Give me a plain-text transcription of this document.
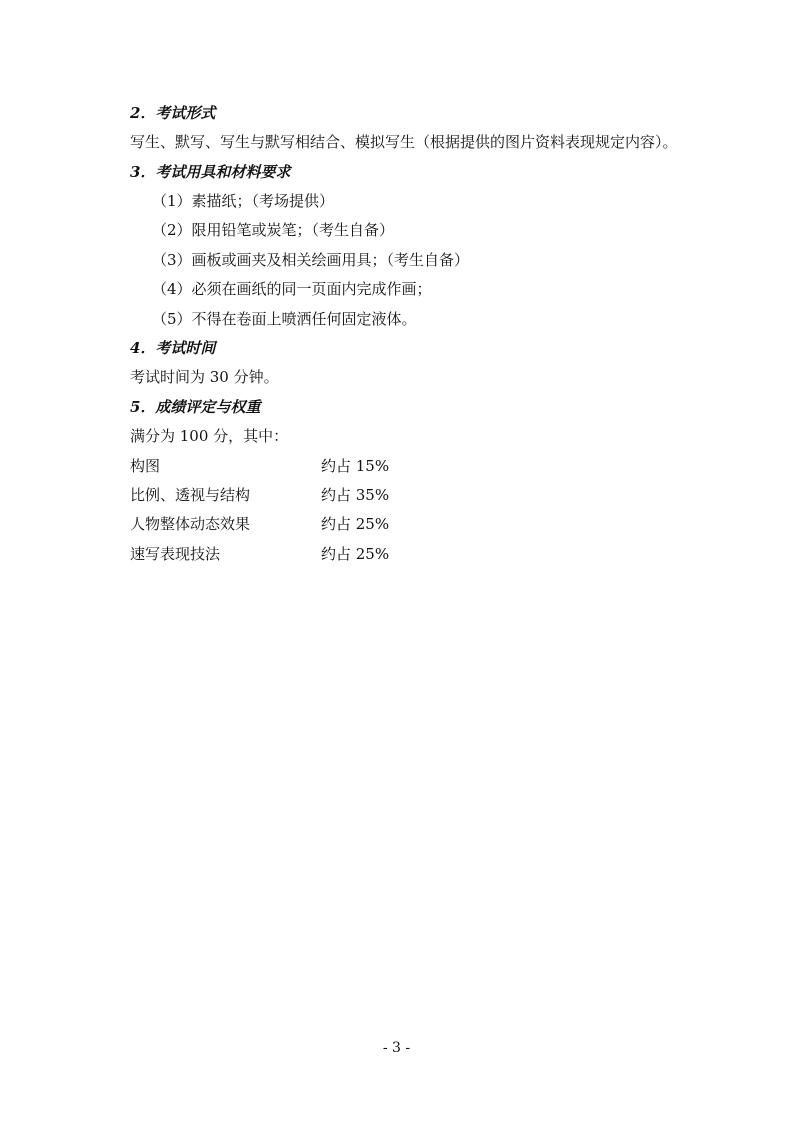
2．考试形式
写生、默写、写生与默写相结合、模拟写生（根据提供的图片资料表现规定内容）。
3．考试用具和材料要求
（1）素描纸；（考场提供）
（2）限用铅笔或炭笔；（考生自备）
（3）画板或画夹及相关绘画用具；（考生自备）
（4）必须在画纸的同一页面内完成作画；
（5）不得在卷面上喷洒任何固定液体。
4．考试时间
考试时间为 30 分钟。
5．成绩评定与权重
满分为 100 分，其中：
构图	约占 15%
比例、透视与结构	约占 35%
人物整体动态效果	约占 25%
速写表现技法	约占 25%
- 3 -
